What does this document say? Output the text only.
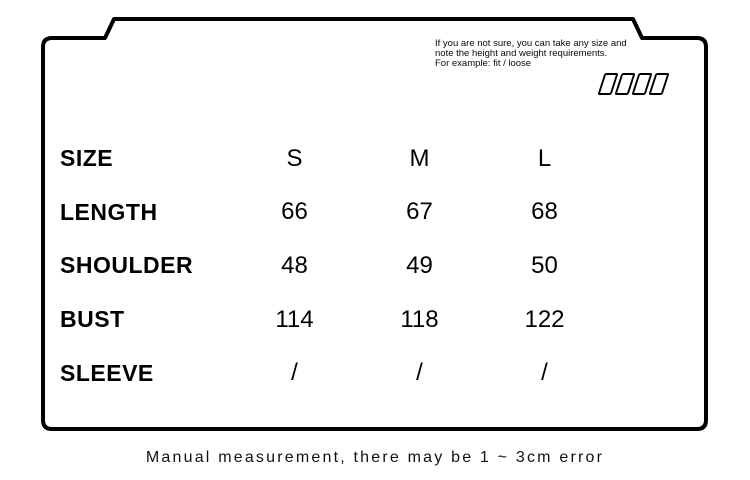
If you are not sure, you can take any size and
note the height and weight requirements.
For example: fit / loose
SIZE	S	M	L
LENGTH	66	67	68
SHOULDER	48	49	50
BUST	114	118	122
SLEEVE	/	/	/
Manual measurement, there may be 1 ~ 3cm error
